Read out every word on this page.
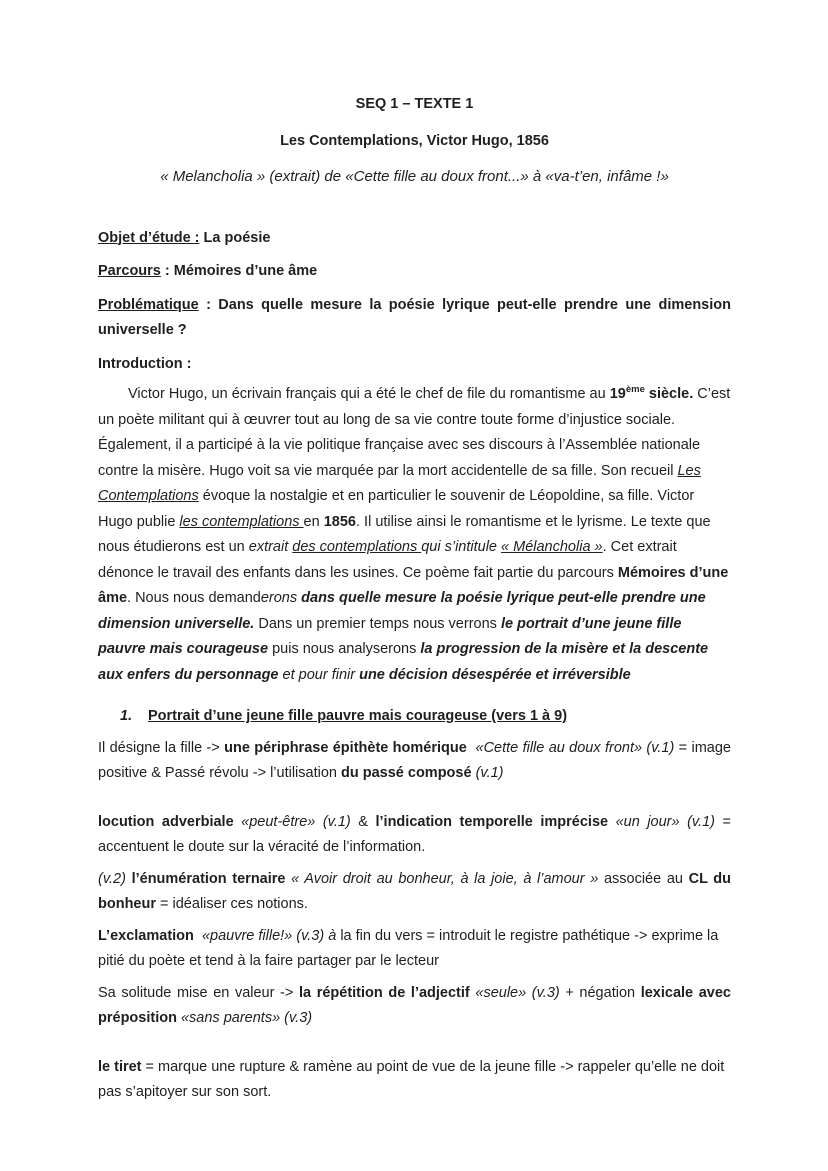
SEQ 1 – TEXTE 1

Les Contemplations, Victor Hugo, 1856

« Melancholia » (extrait) de «Cette fille au doux front...» à «va-t’en, infâme !»

Objet d’étude : La poésie

Parcours : Mémoires d’une âme

Problématique : Dans quelle mesure la poésie lyrique peut-elle prendre une dimension universelle ?

Introduction :

Victor Hugo, un écrivain français qui a été le chef de file du romantisme au 19ème siècle. C’est un poète militant qui à œuvrer tout au long de sa vie contre toute forme d’injustice sociale. Également, il a participé à la vie politique française avec ses discours à l’Assemblée nationale contre la misère. Hugo voit sa vie marquée par la mort accidentelle de sa fille. Son recueil Les Contemplations évoque la nostalgie et en particulier le souvenir de Léopoldine, sa fille. Victor Hugo publie les contemplations en 1856. Il utilise ainsi le romantisme et le lyrisme. Le texte que nous étudierons est un extrait des contemplations qui s’intitule « Mélancholia ». Cet extrait dénonce le travail des enfants dans les usines. Ce poème fait partie du parcours Mémoires d’une âme. Nous nous demanderons dans quelle mesure la poésie lyrique peut-elle prendre une dimension universelle. Dans un premier temps nous verrons le portrait d’une jeune fille pauvre mais courageuse puis nous analyserons la progression de la misère et la descente aux enfers du personnage et pour finir une décision désespérée et irréversible

1. Portrait d’une jeune fille pauvre mais courageuse (vers 1 à 9)

Il désigne la fille -> une périphrase épithète homérique «Cette fille au doux front» (v.1) = image positive & Passé révolu -> l’utilisation du passé composé (v.1)

locution adverbiale «peut-être» (v.1) & l’indication temporelle imprécise «un jour» (v.1) = accentuent le doute sur la véracité de l’information.

(v.2) l’énumération ternaire « Avoir droit au bonheur, à la joie, à l’amour » associée au CL du bonheur = idéaliser ces notions.

L’exclamation «pauvre fille!» (v.3) à la fin du vers = introduit le registre pathétique -> exprime la pitié du poète et tend à la faire partager par le lecteur

Sa solitude mise en valeur -> la répétition de l’adjectif «seule» (v.3) + négation lexicale avec préposition «sans parents» (v.3)

le tiret = marque une rupture & ramène au point de vue de la jeune fille -> rappeler qu’elle ne doit pas s’apitoyer sur son sort.
